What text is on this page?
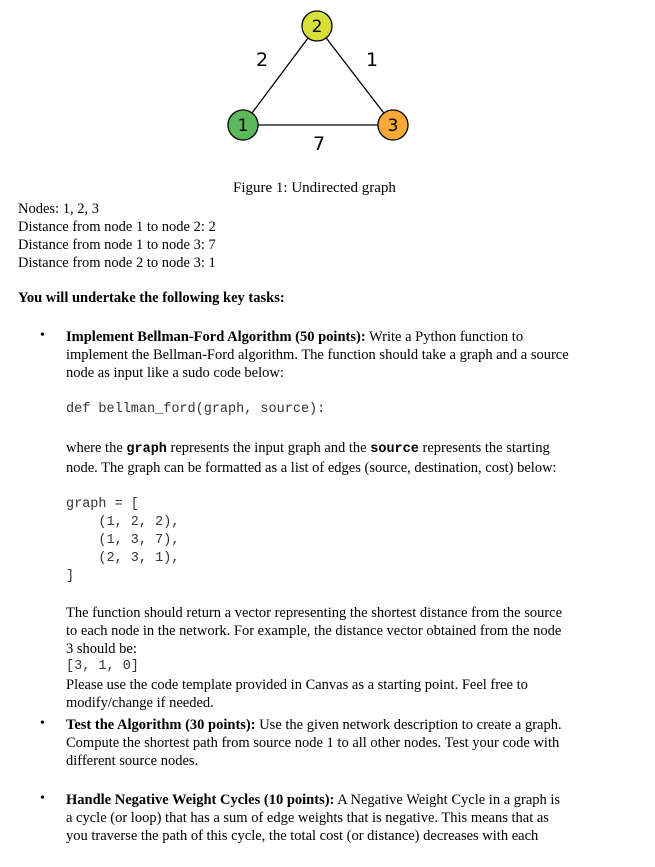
2	1
7
1
2
3
Figure 1: Undirected graph
Nodes: 1, 2, 3
Distance from node 1 to node 2: 2
Distance from node 1 to node 3: 7
Distance from node 2 to node 3: 1
You will undertake the following key tasks:
• Implement Bellman-Ford Algorithm (50 points): Write a Python function to
implement the Bellman-Ford algorithm. The function should take a graph and a source
node as input like a sudo code below:
def bellman_ford(graph, source):
where the graph represents the input graph and the source represents the starting
node. The graph can be formatted as a list of edges (source, destination, cost) below:
graph = [
(1, 2, 2),
(1, 3, 7),
(2, 3, 1),
]
The function should return a vector representing the shortest distance from the source
to each node in the network. For example, the distance vector obtained from the node
3 should be:
[3, 1, 0]
Please use the code template provided in Canvas as a starting point. Feel free to
modify/change if needed.
• Test the Algorithm (30 points): Use the given network description to create a graph.
Compute the shortest path from source node 1 to all other nodes. Test your code with
different source nodes.
• Handle Negative Weight Cycles (10 points): A Negative Weight Cycle in a graph is
a cycle (or loop) that has a sum of edge weights that is negative. This means that as
you traverse the path of this cycle, the total cost (or distance) decreases with each
